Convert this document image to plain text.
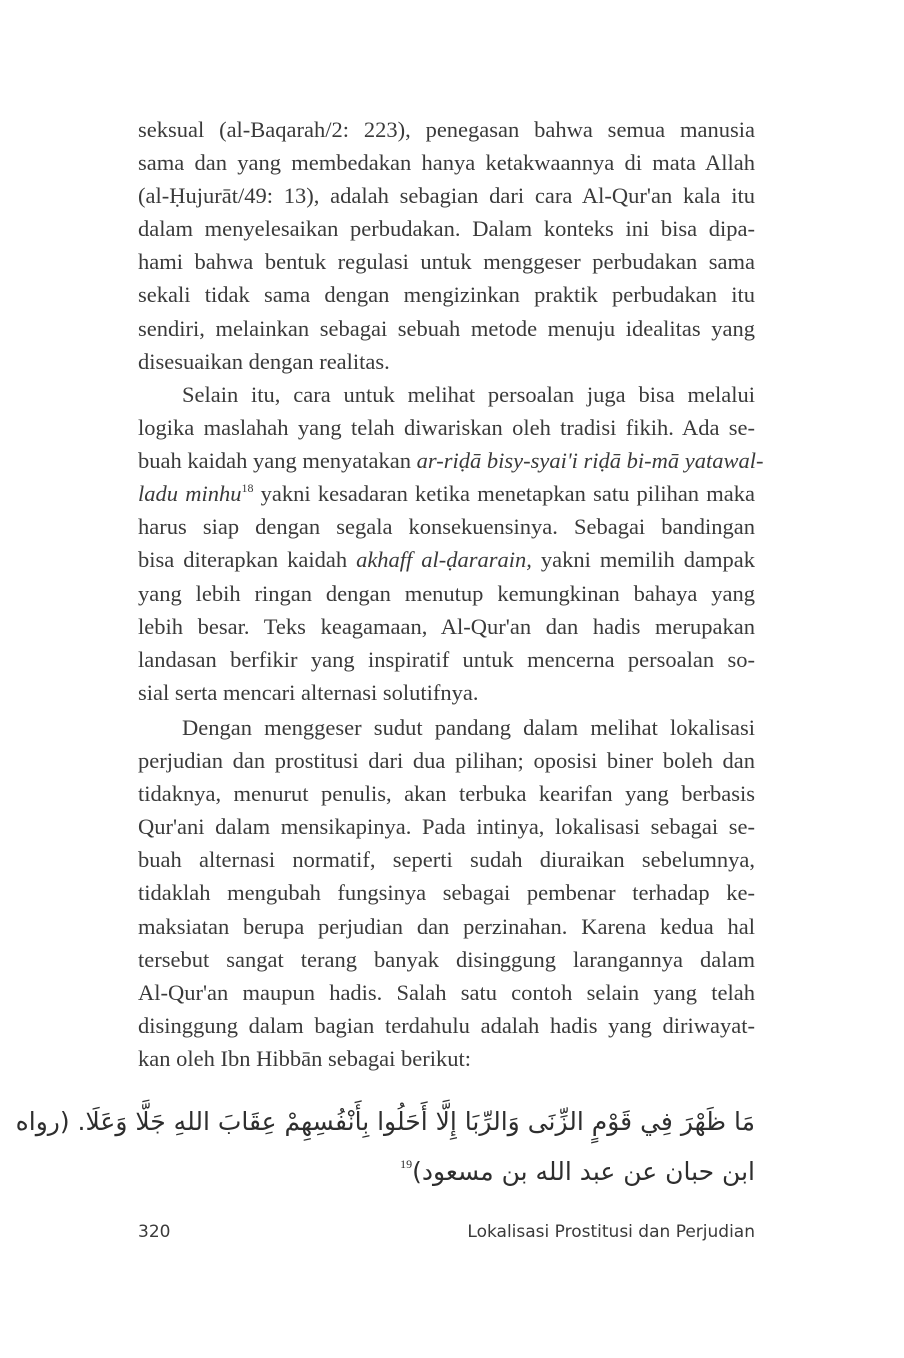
seksual (al-Baqarah/2: 223), penegasan bahwa semua manusia
sama dan yang membedakan hanya ketakwaannya di mata Allah
(al-Ḥujurāt/49: 13), adalah sebagian dari cara Al-Qur'an kala itu
dalam menyelesaikan perbudakan. Dalam konteks ini bisa dipa-
hami bahwa bentuk regulasi untuk menggeser perbudakan sama
sekali tidak sama dengan mengizinkan praktik perbudakan itu
sendiri, melainkan sebagai sebuah metode menuju idealitas yang
disesuaikan dengan realitas.
Selain itu, cara untuk melihat persoalan juga bisa melalui
logika maslahah yang telah diwariskan oleh tradisi fikih. Ada se-
buah kaidah yang menyatakan ar-riḍā bisy-syai'i riḍā bi-mā yatawal-
ladu minhu$^{18}$ yakni kesadaran ketika menetapkan satu pilihan maka
harus siap dengan segala konsekuensinya. Sebagai bandingan
bisa diterapkan kaidah akhaff al-ḍararain, yakni memilih dampak
yang lebih ringan dengan menutup kemungkinan bahaya yang
lebih besar. Teks keagamaan, Al-Qur'an dan hadis merupakan
landasan berfikir yang inspiratif untuk mencerna persoalan so-
sial serta mencari alternasi solutifnya.
Dengan menggeser sudut pandang dalam melihat lokalisasi
perjudian dan prostitusi dari dua pilihan; oposisi biner boleh dan
tidaknya, menurut penulis, akan terbuka kearifan yang berbasis
Qur'ani dalam mensikapinya. Pada intinya, lokalisasi sebagai se-
buah alternasi normatif, seperti sudah diuraikan sebelumnya,
tidaklah mengubah fungsinya sebagai pembenar terhadap ke-
maksiatan berupa perjudian dan perzinahan. Karena kedua hal
tersebut sangat terang banyak disinggung larangannya dalam
Al-Qur'an maupun hadis. Salah satu contoh selain yang telah
disinggung dalam bagian terdahulu adalah hadis yang diriwayat-
kan oleh Ibn Hibbān sebagai berikut:
مَا ظَهْرَ فِي قَوْمٍ الزِّنَى وَالرِّبَا إِلَّا أَحَلُوا بِأَنْفُسِهِمْ عِقَابَ اللهِ جَلَّا وَعَلَا. (رواه
ابن حبان عن عبد الله بن مسعود)$^{19}$
320	Lokalisasi Prostitusi dan Perjudian
